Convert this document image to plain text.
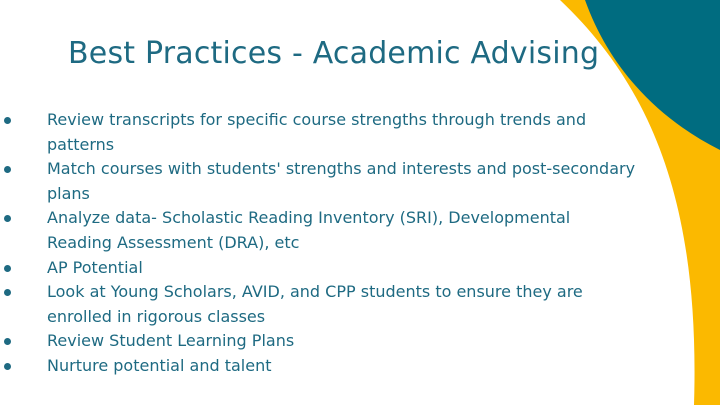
Best Practices - Academic Advising
Review transcripts for specific course strengths through trends and patterns
Match courses with students' strengths and interests and post-secondary plans
Analyze data- Scholastic Reading Inventory (SRI), Developmental Reading Assessment (DRA), etc
AP Potential
Look at Young Scholars, AVID, and CPP students to ensure they are enrolled in rigorous classes
Review Student Learning Plans
Nurture potential and talent
